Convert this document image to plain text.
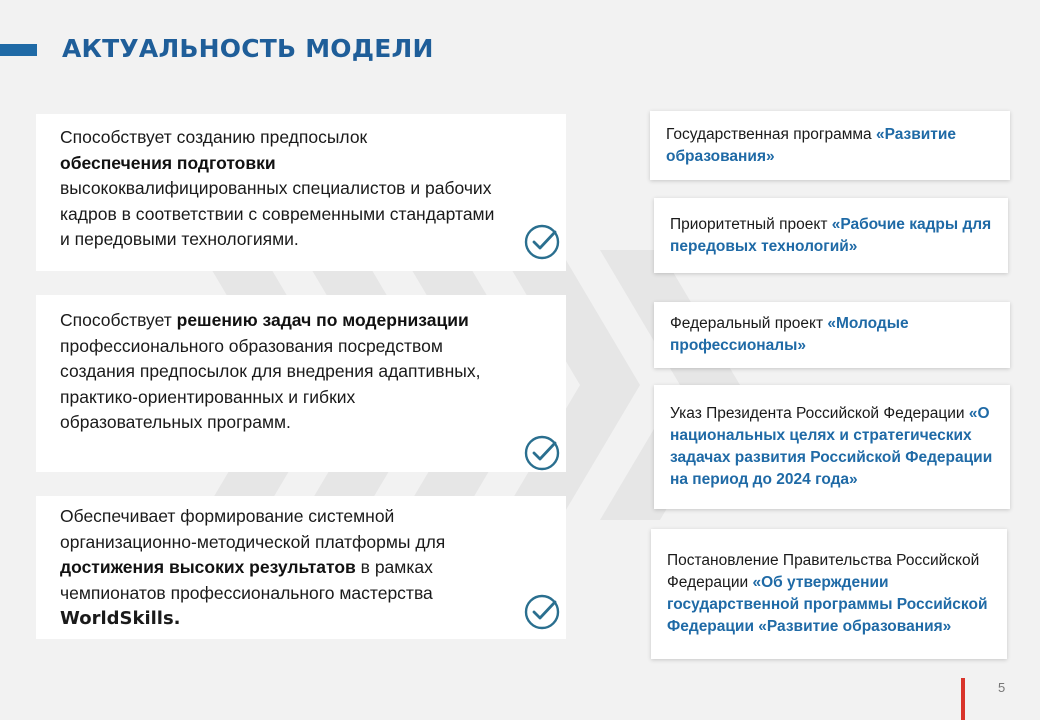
АКТУАЛЬНОСТЬ МОДЕЛИ
Способствует созданию предпосылок
обеспечения подготовки
высококвалифицированных специалистов и рабочих кадров в соответствии с современными стандартами и передовыми технологиями.
Способствует решению задач по модернизации профессионального образования посредством создания предпосылок для внедрения адаптивных, практико-ориентированных и гибких образовательных программ.
Обеспечивает формирование системной организационно-методической платформы для достижения высоких результатов в рамках чемпионатов профессионального мастерства WorldSkills.
Государственная программа «Развитие образования»
Приоритетный проект «Рабочие кадры для передовых технологий»
Федеральный проект «Молодые профессионалы»
Указ Президента Российской Федерации «О национальных целях и стратегических задачах развития Российской Федерации на период до 2024 года»
Постановление Правительства Российской Федерации «Об утверждении государственной программы Российской Федерации «Развитие образования»
5
